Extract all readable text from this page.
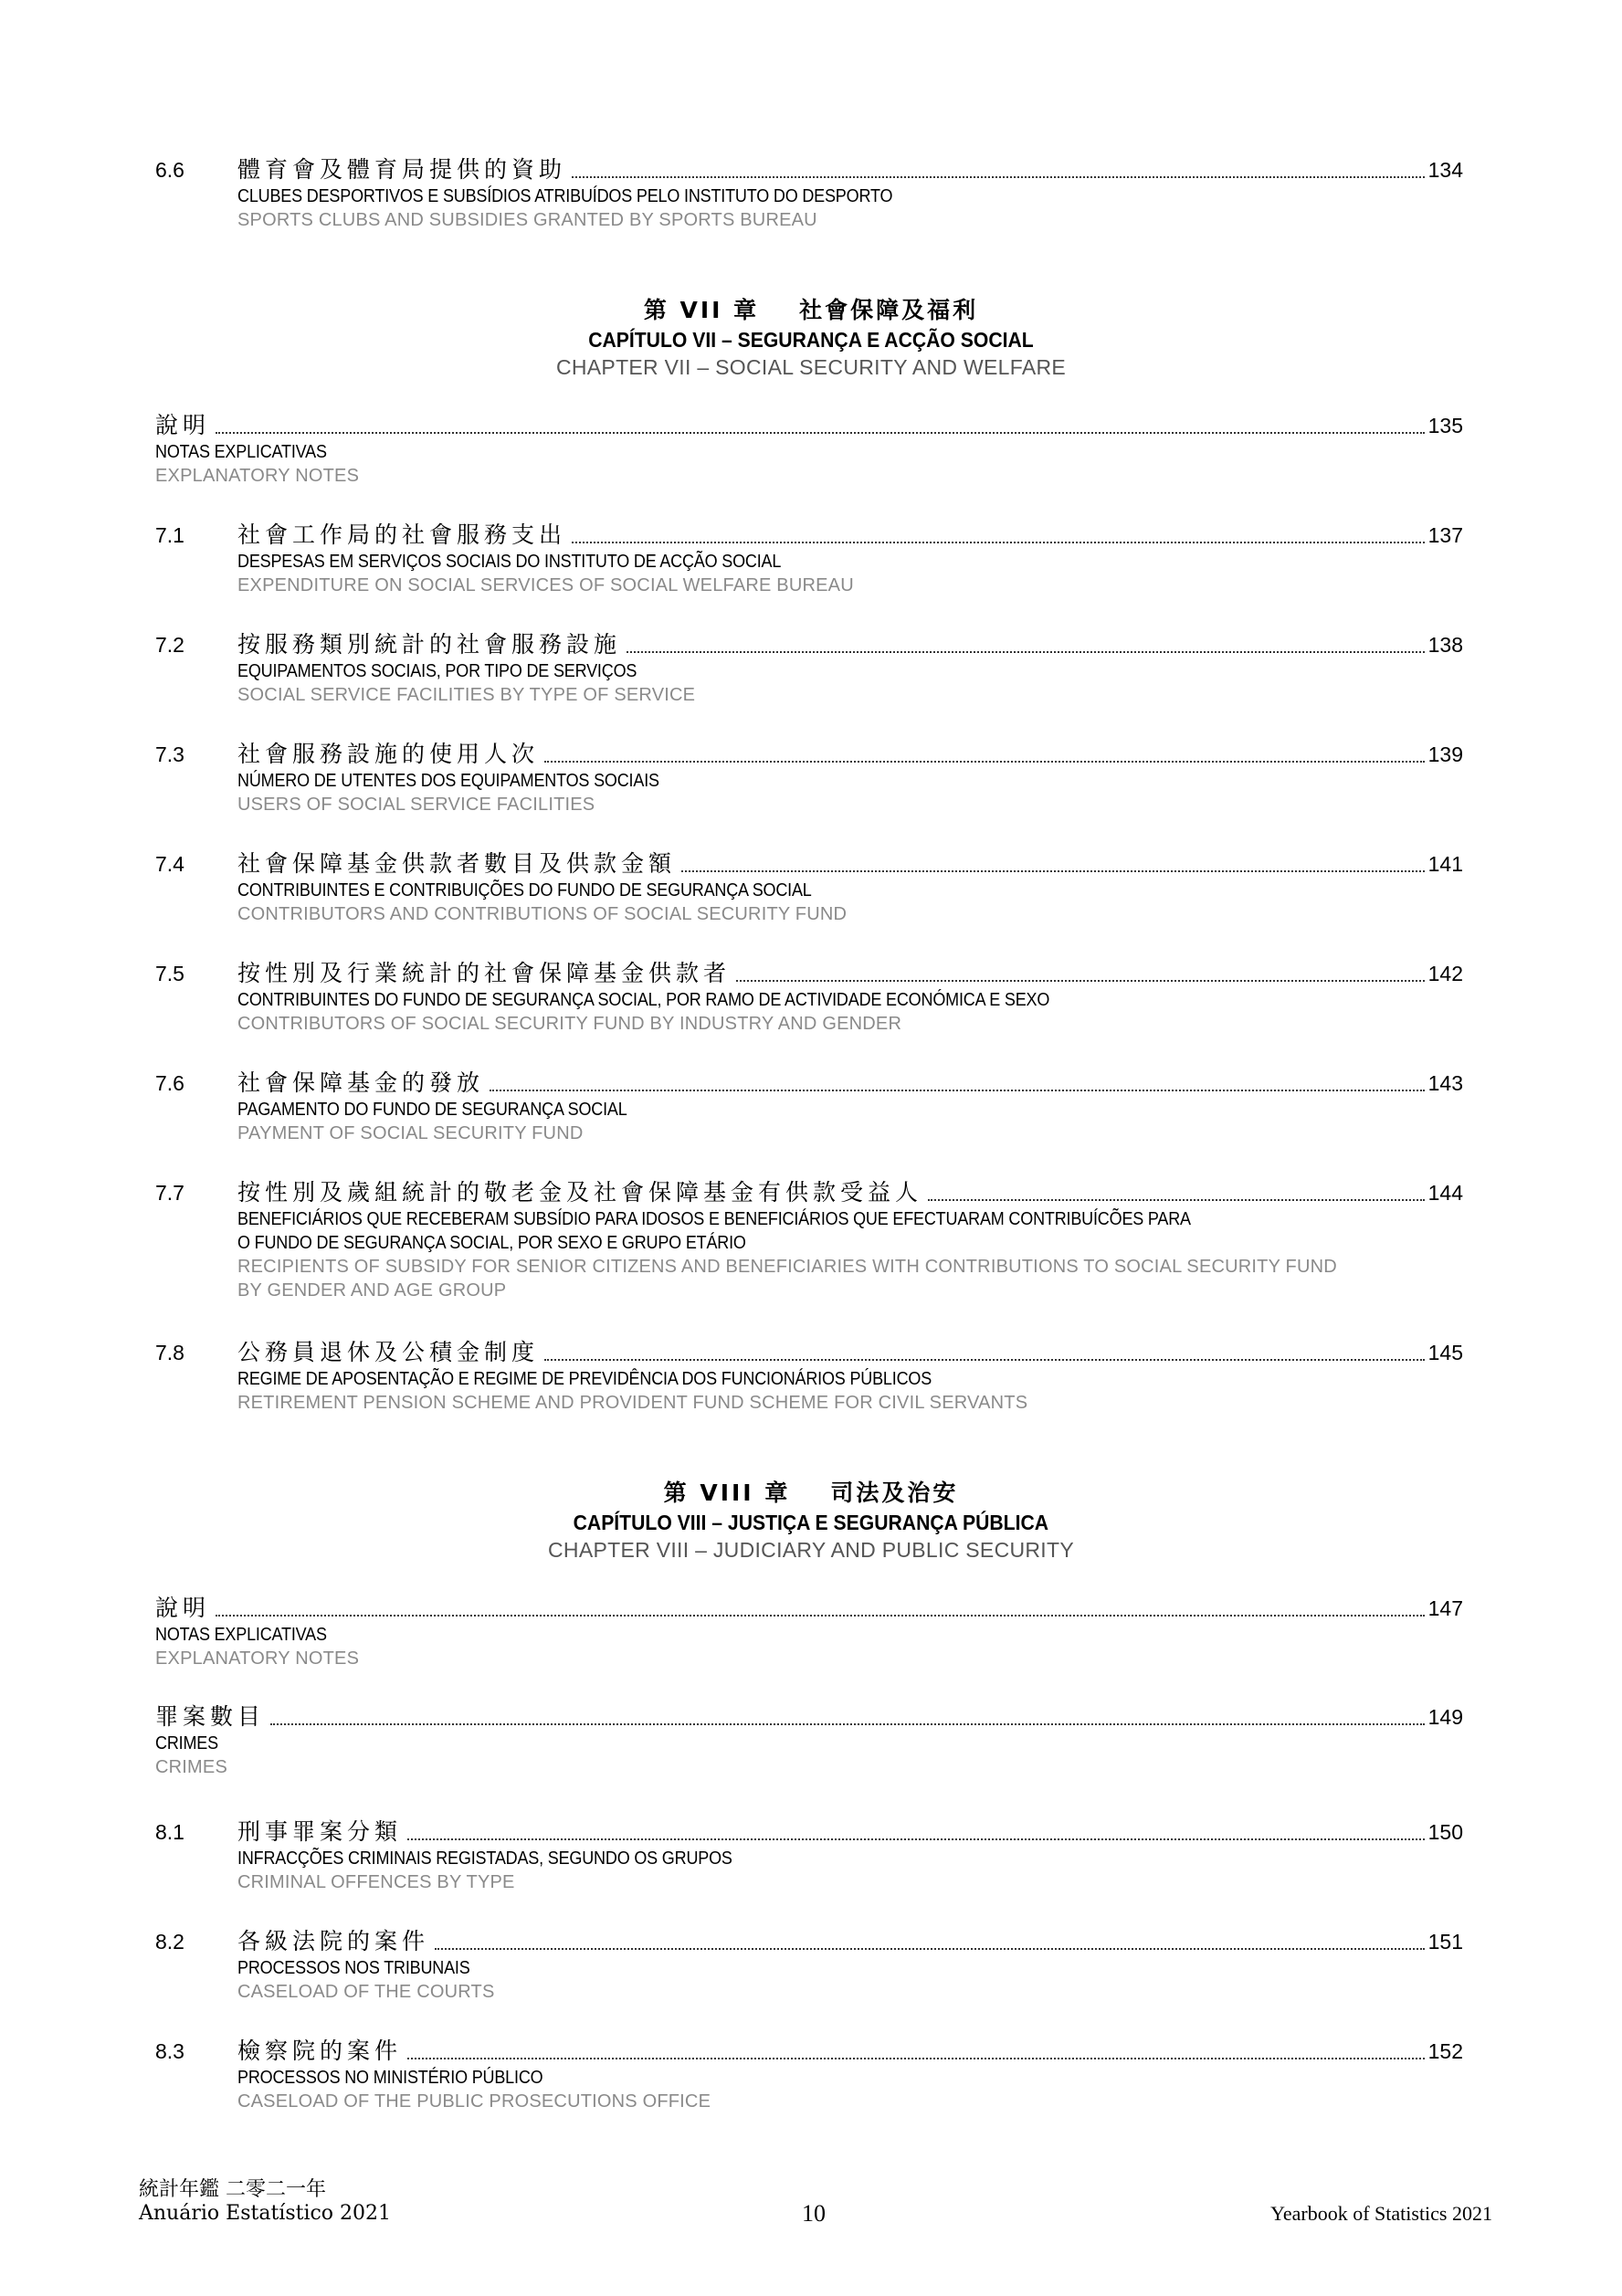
6.6 體育會及體育局提供的資助	134
CLUBES DESPORTIVOS E SUBSÍDIOS ATRIBUÍDOS PELO INSTITUTO DO DESPORTO
SPORTS CLUBS AND SUBSIDIES GRANTED BY SPORTS BUREAU
第 VII 章 社會保障及福利
CAPÍTULO VII – SEGURANÇA E ACÇÃO SOCIAL
CHAPTER VII – SOCIAL SECURITY AND WELFARE
說明	135
NOTAS EXPLICATIVAS
EXPLANATORY NOTES
7.1 社會工作局的社會服務支出	137
DESPESAS EM SERVIÇOS SOCIAIS DO INSTITUTO DE ACÇÃO SOCIAL
EXPENDITURE ON SOCIAL SERVICES OF SOCIAL WELFARE BUREAU
7.2 按服務類別統計的社會服務設施	138
EQUIPAMENTOS SOCIAIS, POR TIPO DE SERVIÇOS
SOCIAL SERVICE FACILITIES BY TYPE OF SERVICE
7.3 社會服務設施的使用人次	139
NÚMERO DE UTENTES DOS EQUIPAMENTOS SOCIAIS
USERS OF SOCIAL SERVICE FACILITIES
7.4 社會保障基金供款者數目及供款金額	141
CONTRIBUINTES E CONTRIBUIÇÕES DO FUNDO DE SEGURANÇA SOCIAL
CONTRIBUTORS AND CONTRIBUTIONS OF SOCIAL SECURITY FUND
7.5 按性別及行業統計的社會保障基金供款者	142
CONTRIBUINTES DO FUNDO DE SEGURANÇA SOCIAL, POR RAMO DE ACTIVIDADE ECONÓMICA E SEXO
CONTRIBUTORS OF SOCIAL SECURITY FUND BY INDUSTRY AND GENDER
7.6 社會保障基金的發放	143
PAGAMENTO DO FUNDO DE SEGURANÇA SOCIAL
PAYMENT OF SOCIAL SECURITY FUND
7.7 按性別及歲組統計的敬老金及社會保障基金有供款受益人	144
BENEFICIÁRIOS QUE RECEBERAM SUBSÍDIO PARA IDOSOS E BENEFICIÁRIOS QUE EFECTUARAM CONTRIBUÍCÕES PARA
O FUNDO DE SEGURANÇA SOCIAL, POR SEXO E GRUPO ETÁRIO
RECIPIENTS OF SUBSIDY FOR SENIOR CITIZENS AND BENEFICIARIES WITH CONTRIBUTIONS TO SOCIAL SECURITY FUND
BY GENDER AND AGE GROUP
7.8 公務員退休及公積金制度	145
REGIME DE APOSENTAÇÃO E REGIME DE PREVIDÊNCIA DOS FUNCIONÁRIOS PÚBLICOS
RETIREMENT PENSION SCHEME AND PROVIDENT FUND SCHEME FOR CIVIL SERVANTS
第 VIII 章 司法及治安
CAPÍTULO VIII – JUSTIÇA E SEGURANÇA PÚBLICA
CHAPTER VIII – JUDICIARY AND PUBLIC SECURITY
說明	147
NOTAS EXPLICATIVAS
EXPLANATORY NOTES
罪案數目	149
CRIMES
CRIMES
8.1 刑事罪案分類	150
INFRACÇÕES CRIMINAIS REGISTADAS, SEGUNDO OS GRUPOS
CRIMINAL OFFENCES BY TYPE
8.2 各級法院的案件	151
PROCESSOS NOS TRIBUNAIS
CASELOAD OF THE COURTS
8.3 檢察院的案件	152
PROCESSOS NO MINISTÉRIO PÚBLICO
CASELOAD OF THE PUBLIC PROSECUTIONS OFFICE
統計年鑑 二零二一年
Anuário Estatístico 2021	10	Yearbook of Statistics 2021
